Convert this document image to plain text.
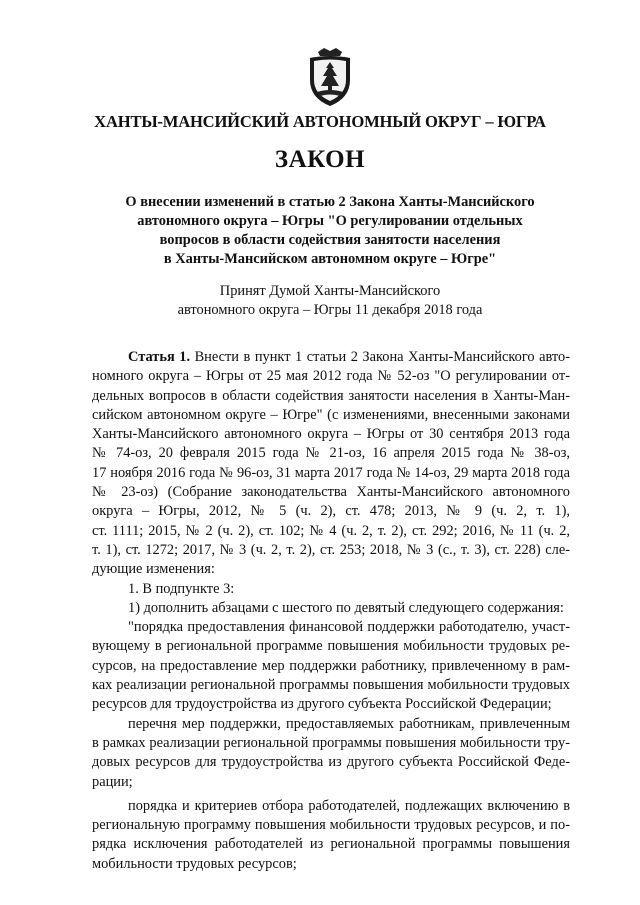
ХАНТЫ-МАНСИЙСКИЙ АВТОНОМНЫЙ ОКРУГ – ЮГРА
ЗАКОН
О внесении изменений в статью 2 Закона Ханты-Мансийского
автономного округа – Югры "О регулировании отдельных
вопросов в области содействия занятости населения
в Ханты-Мансийском автономном округе – Югре"
Принят Думой Ханты-Мансийского
автономного округа – Югры 11 декабря 2018 года
Статья 1. Внести в пункт 1 статьи 2 Закона Ханты-Мансийского авто-
номного округа – Югры от 25 мая 2012 года № 52-оз "О регулировании от-
дельных вопросов в области содействия занятости населения в Ханты-Ман-
сийском автономном округе – Югре" (с изменениями, внесенными законами
Ханты-Мансийского автономного округа – Югры от 30 сентября 2013 года
№ 74-оз, 20 февраля 2015 года № 21-оз, 16 апреля 2015 года № 38-оз,
17 ноября 2016 года № 96-оз, 31 марта 2017 года № 14-оз, 29 марта 2018 года
№ 23-оз) (Собрание законодательства Ханты-Мансийского автономного
округа – Югры, 2012, № 5 (ч. 2), ст. 478; 2013, № 9 (ч. 2, т. 1),
ст. 1111; 2015, № 2 (ч. 2), ст. 102; № 4 (ч. 2, т. 2), ст. 292; 2016, № 11 (ч. 2,
т. 1), ст. 1272; 2017, № 3 (ч. 2, т. 2), ст. 253; 2018, № 3 (с., т. 3), ст. 228) сле-
дующие изменения:
1. В подпункте 3:
1) дополнить абзацами с шестого по девятый следующего содержания:
"порядка предоставления финансовой поддержки работодателю, участ-
вующему в региональной программе повышения мобильности трудовых ре-
сурсов, на предоставление мер поддержки работнику, привлеченному в рам-
ках реализации региональной программы повышения мобильности трудовых
ресурсов для трудоустройства из другого субъекта Российской Федерации;
перечня мер поддержки, предоставляемых работникам, привлеченным
в рамках реализации региональной программы повышения мобильности тру-
довых ресурсов для трудоустройства из другого субъекта Российской Феде-
рации;
порядка и критериев отбора работодателей, подлежащих включению в
региональную программу повышения мобильности трудовых ресурсов, и по-
рядка исключения работодателей из региональной программы повышения
мобильности трудовых ресурсов;
